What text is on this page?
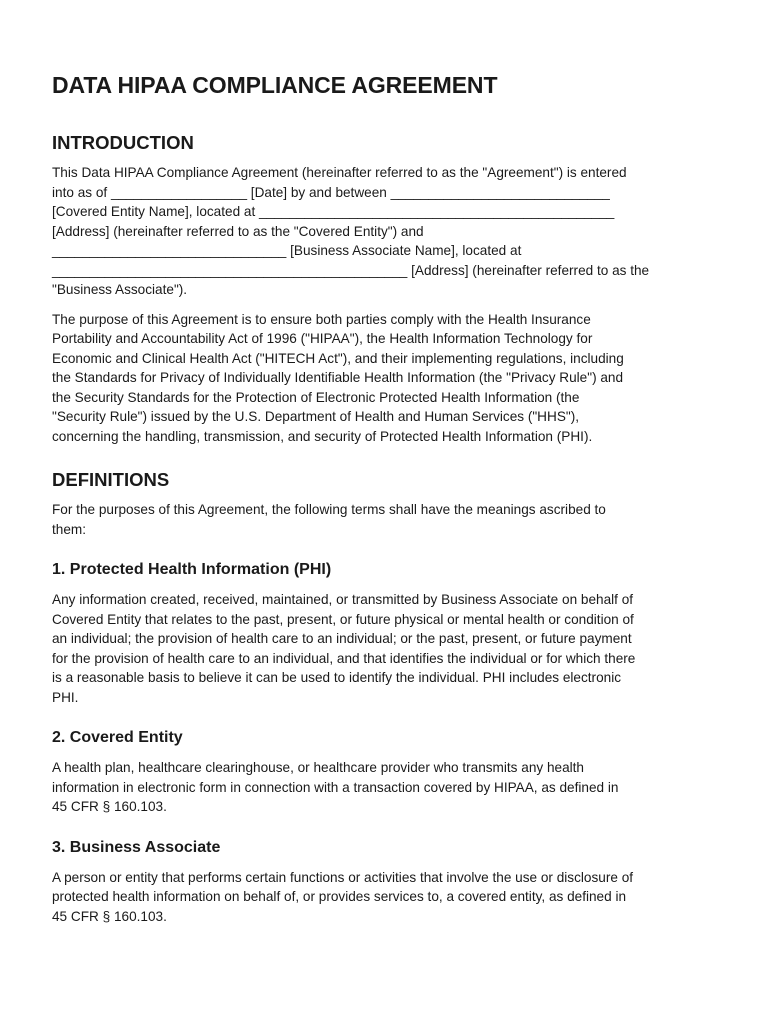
DATA HIPAA COMPLIANCE AGREEMENT
INTRODUCTION

This Data HIPAA Compliance Agreement (hereinafter referred to as the "Agreement") is entered
into as of __________________ [Date] by and between _____________________________
[Covered Entity Name], located at _______________________________________________
[Address] (hereinafter referred to as the "Covered Entity") and
_______________________________ [Business Associate Name], located at
_______________________________________________ [Address] (hereinafter referred to as the
"Business Associate").

The purpose of this Agreement is to ensure both parties comply with the Health Insurance
Portability and Accountability Act of 1996 ("HIPAA"), the Health Information Technology for
Economic and Clinical Health Act ("HITECH Act"), and their implementing regulations, including
the Standards for Privacy of Individually Identifiable Health Information (the "Privacy Rule") and
the Security Standards for the Protection of Electronic Protected Health Information (the
"Security Rule") issued by the U.S. Department of Health and Human Services ("HHS"),
concerning the handling, transmission, and security of Protected Health Information (PHI).

DEFINITIONS

For the purposes of this Agreement, the following terms shall have the meanings ascribed to
them:

1. Protected Health Information (PHI)

Any information created, received, maintained, or transmitted by Business Associate on behalf of
Covered Entity that relates to the past, present, or future physical or mental health or condition of
an individual; the provision of health care to an individual; or the past, present, or future payment
for the provision of health care to an individual, and that identifies the individual or for which there
is a reasonable basis to believe it can be used to identify the individual. PHI includes electronic
PHI.

2. Covered Entity

A health plan, healthcare clearinghouse, or healthcare provider who transmits any health
information in electronic form in connection with a transaction covered by HIPAA, as defined in
45 CFR § 160.103.

3. Business Associate

A person or entity that performs certain functions or activities that involve the use or disclosure of
protected health information on behalf of, or provides services to, a covered entity, as defined in
45 CFR § 160.103.
